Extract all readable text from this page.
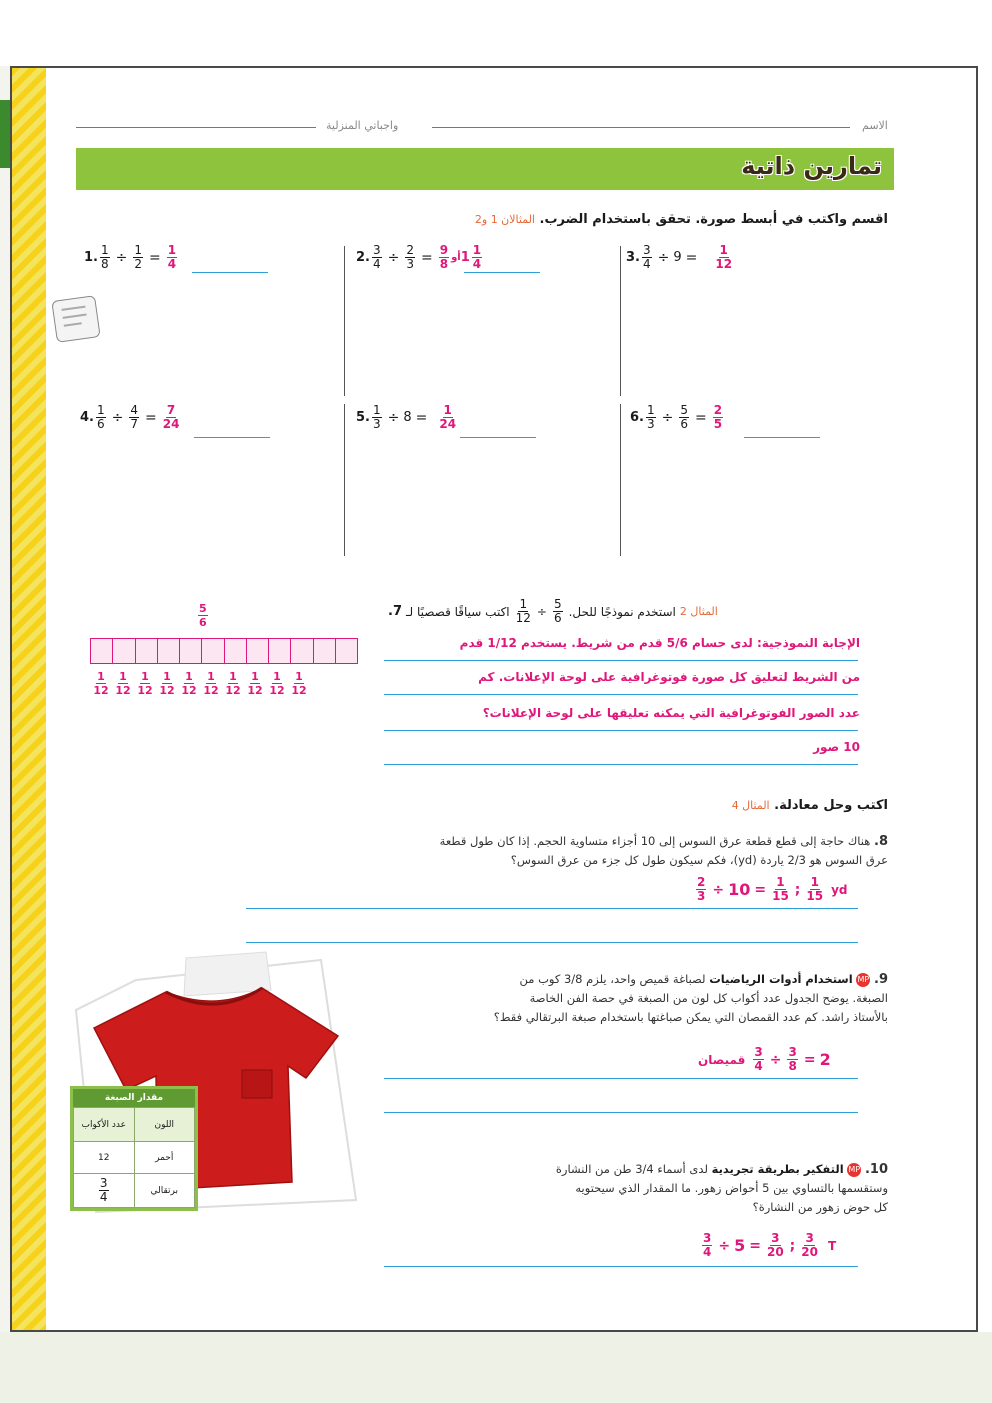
واجباتي المنزلية	الاسم
تمارين ذاتية
اقسم واكتب في أبسط صورة. تحقق باستخدام الضرب. المثالان 1 و2
1. $\frac{1}{8} \div \frac{1}{2} = \frac{1}{4}$	2. $\frac{3}{4} \div \frac{2}{3} = \frac{9}{8}$ أو $1 \frac{1}{4}$	3. $\frac{3}{4} \div 9 = \frac{1}{12}$
4. $\frac{1}{6} \div \frac{4}{7} = \frac{7}{24}$	5. $\frac{1}{3} \div 8 = \frac{1}{24}$	6. $\frac{1}{3} \div \frac{5}{6} = \frac{2}{5}$
7. اكتب سياقًا قصصيًا لـ $\frac{1}{12} \div \frac{5}{6}$ استخدم نموذجًا للحل. المثال 2
الإجابة النموذجية: لدى حسام 5/6 قدم من شريط. يستخدم 1/12 قدم
من الشريط لتعليق كل صورة فوتوغرافية على لوحة الإعلانات. كم
عدد الصور الفوتوغرافية التي يمكنه تعليقها على لوحة الإعلانات؟
10 صور
$\frac{5}{6}$
$\frac{1}{12} \frac{1}{12} \frac{1}{12} \frac{1}{12} \frac{1}{12} \frac{1}{12} \frac{1}{12} \frac{1}{12} \frac{1}{12} \frac{1}{12}$
اكتب وحل معادلة. المثال 4
8. هناك حاجة إلى قطع قطعة عرق السوس إلى 10 أجزاء متساوية الحجم. إذا كان طول قطعة
عرق السوس هو 2/3 ياردة (yd)، فكم سيكون طول كل جزء من عرق السوس؟
$\frac{2}{3} \div 10 = \frac{1}{15}$ ; $\frac{1}{15}$ yd
مقدار الصبغة
عدد الأكواب	اللون
12	أحمر

$\frac{3}{4}$	برتقالي
9. MP استخدام أدوات الرياضيات لصباغة قميص واحد، يلزم 3/8 كوب من
الصبغة. يوضح الجدول عدد أكواب كل لون من الصبغة في حصة الفن الخاصة
بالأستاذ راشد. كم عدد القمصان التي يمكن صباغتها باستخدام صبغة البرتقالي فقط؟
قميصان $\frac{3}{4} \div \frac{3}{8} = 2$
10. MP التفكير بطريقة تجريدية لدى أسماء 3/4 طن من النشارة
وستقسمها بالتساوي بين 5 أحواض زهور. ما المقدار الذي سيحتويه
كل حوض زهور من النشارة؟
$\frac{3}{4} \div 5 = \frac{3}{20}$ ; $\frac{3}{20}$ T
